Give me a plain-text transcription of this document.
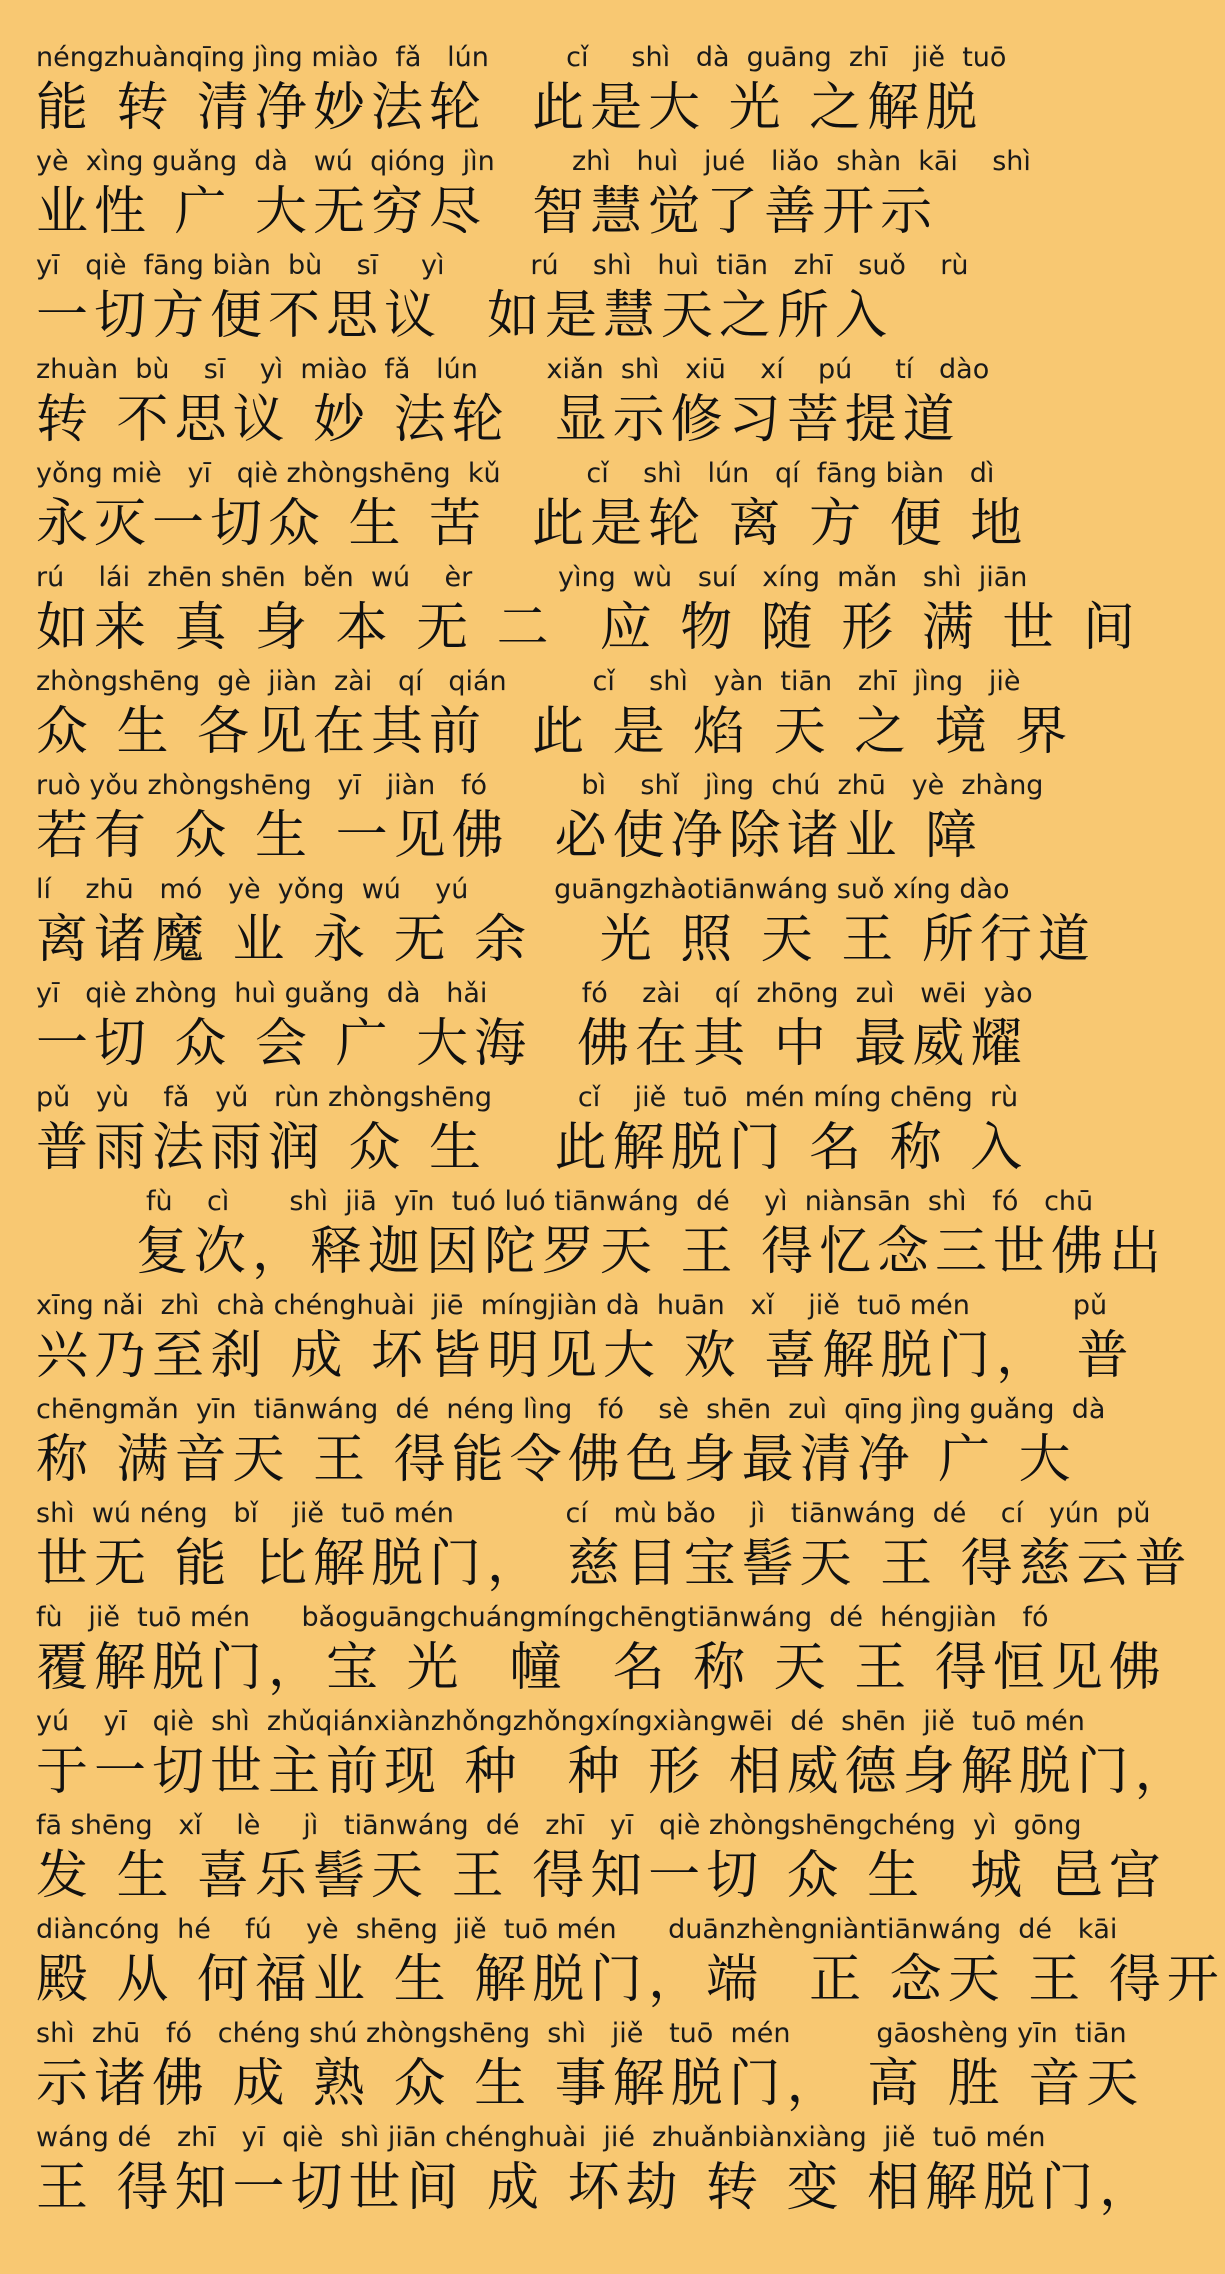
néngzhuànqīng jìng miào  fǎ   lún         cǐ     shì   dà  guāng  zhī   jiě  tuō
能 转 清净妙法轮  此是大 光 之解脱
yè  xìng guǎng  dà   wú  qióng  jìn         zhì   huì   jué   liǎo  shàn  kāi    shì
业性 广 大无穷尽  智慧觉了善开示
yī   qiè  fāng biàn  bù    sī     yì          rú    shì   huì  tiān   zhī   suǒ    rù
一切方便不思议  如是慧天之所入
zhuàn  bù    sī    yì  miào  fǎ   lún        xiǎn  shì   xiū    xí    pú     tí   dào
转 不思议 妙 法轮  显示修习菩提道
yǒng miè   yī   qiè zhòngshēng  kǔ          cǐ    shì   lún   qí  fāng biàn   dì
永灭一切众 生 苦  此是轮 离 方 便 地
rú    lái  zhēn shēn  běn  wú    èr          yìng  wù   suí   xíng  mǎn   shì  jiān
如来 真 身 本 无 二  应 物 随 形 满 世 间
zhòngshēng  gè  jiàn  zài   qí   qián          cǐ    shì   yàn  tiān   zhī  jìng   jiè
众 生 各见在其前  此 是 焰 天 之 境 界
ruò yǒu zhòngshēng   yī   jiàn   fó           bì    shǐ   jìng  chú  zhū   yè  zhàng
若有 众 生 一见佛  必使净除诸业 障
lí    zhū   mó   yè  yǒng  wú    yú          guāngzhàotiānwáng suǒ xíng dào
离诸魔 业 永 无 余   光 照 天 王 所行道
yī   qiè zhòng  huì guǎng  dà   hǎi           fó    zài    qí  zhōng  zuì   wēi  yào
一切 众 会 广 大海  佛在其 中 最威耀
pǔ   yù    fǎ   yǔ   rùn zhòngshēng          cǐ    jiě  tuō  mén míng chēng  rù
普雨法雨润 众 生   此解脱门 名 称 入
fù    cì       shì  jiā  yīn  tuó luó tiānwáng  dé    yì  niànsān  shì   fó   chū
复次，释迦因陀罗天 王 得忆念三世佛出
xīng nǎi  zhì  chà chénghuài  jiē  míngjiàn dà  huān   xǐ    jiě  tuō mén            pǔ
兴乃至刹 成 坏皆明见大 欢 喜解脱门， 普
chēngmǎn  yīn  tiānwáng  dé  néng lìng   fó    sè  shēn  zuì  qīng jìng guǎng  dà
称 满音天 王 得能令佛色身最清净 广 大
shì  wú néng   bǐ    jiě  tuō mén             cí   mù bǎo    jì   tiānwáng  dé    cí   yún  pǔ
世无 能 比解脱门， 慈目宝髻天 王 得慈云普
fù   jiě  tuō mén      bǎoguāngchuángmíngchēngtiānwáng  dé  héngjiàn   fó
覆解脱门，宝 光  幢  名 称 天 王 得恒见佛
yú    yī   qiè  shì  zhǔqiánxiànzhǒngzhǒngxíngxiàngwēi  dé  shēn  jiě  tuō mén
于一切世主前现 种  种 形 相威德身解脱门，
fā shēng   xǐ    lè     jì   tiānwáng  dé   zhī   yī   qiè zhòngshēngchéng  yì  gōng
发 生 喜乐髻天 王 得知一切 众 生  城 邑宫
diàncóng  hé    fú    yè  shēng  jiě  tuō mén      duānzhèngniàntiānwáng  dé   kāi
殿 从 何福业 生 解脱门，端  正 念天 王 得开
shì  zhū   fó   chéng shú zhòngshēng  shì   jiě   tuō  mén          gāoshèng yīn  tiān
示诸佛 成 熟 众 生 事解脱门， 高 胜 音天
wáng dé   zhī   yī  qiè  shì jiān chénghuài  jié  zhuǎnbiànxiàng  jiě  tuō mén
王 得知一切世间 成 坏劫 转 变 相解脱门，
